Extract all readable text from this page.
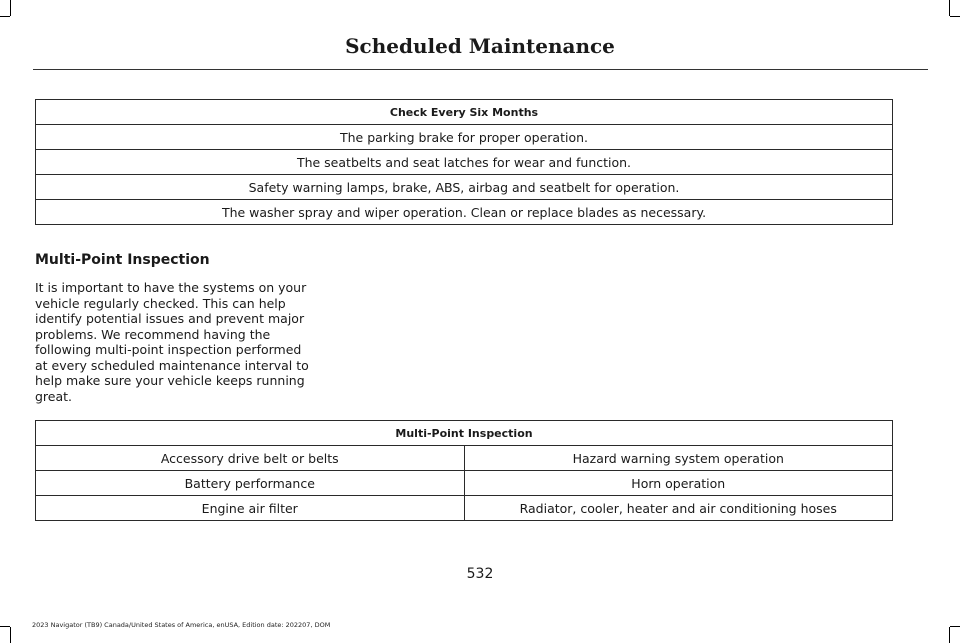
Scheduled Maintenance
Check Every Six Months
The parking brake for proper operation.
The seatbelts and seat latches for wear and function.
Safety warning lamps, brake, ABS, airbag and seatbelt for operation.
The washer spray and wiper operation. Clean or replace blades as necessary.
Multi-Point Inspection
It is important to have the systems on your vehicle regularly checked. This can help identify potential issues and prevent major problems. We recommend having the following multi-point inspection performed at every scheduled maintenance interval to help make sure your vehicle keeps running great.
Multi-Point Inspection	
Accessory drive belt or belts	Hazard warning system operation
Battery performance	Horn operation
Engine air filter	Radiator, cooler, heater and air conditioning hoses
532
2023 Navigator (TB9) Canada/United States of America, enUSA, Edition date: 202207, DOM
